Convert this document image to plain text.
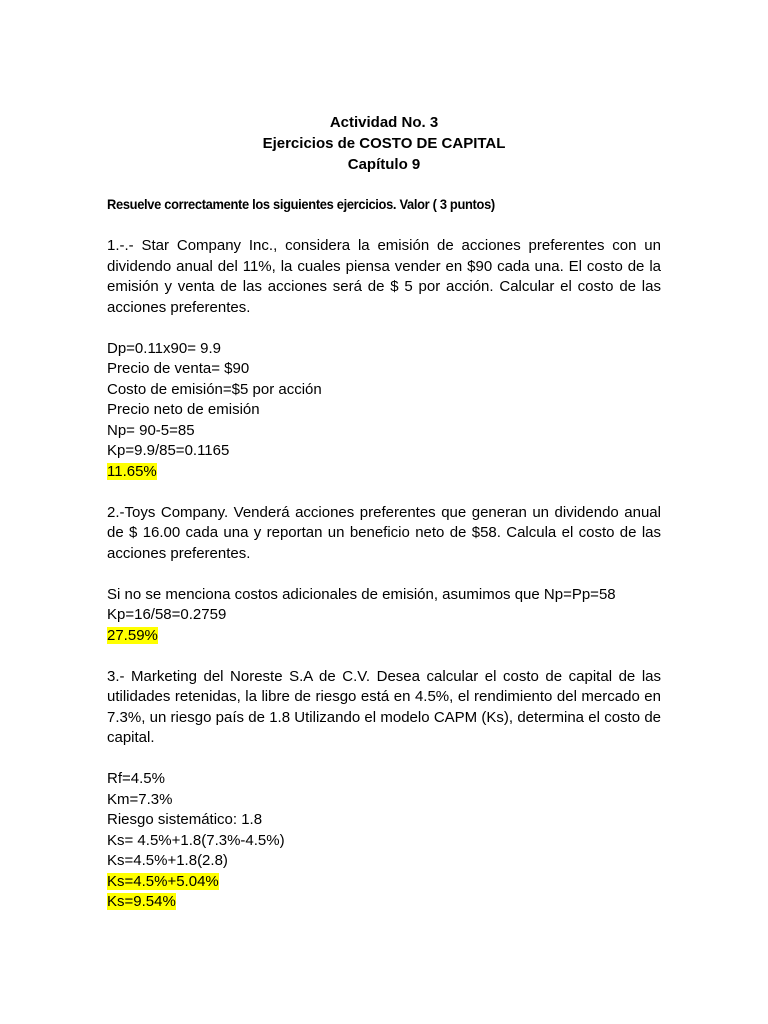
Actividad No. 3
Ejercicios de COSTO DE CAPITAL
Capítulo 9
Resuelve correctamente los siguientes ejercicios. Valor ( 3 puntos)

1.-.- Star Company Inc., considera la emisión de acciones preferentes con un dividendo anual del 11%, la cuales piensa vender en $90 cada una. El costo de la emisión y venta de las acciones será de $ 5 por acción. Calcular el costo de las acciones preferentes.

Dp=0.11x90= 9.9

Precio de venta= $90

Costo de emisión=$5 por acción

Precio neto de emisión

Np= 90-5=85

Kp=9.9/85=0.1165

11.65%

2.-Toys Company. Venderá acciones preferentes que generan un dividendo anual de $ 16.00 cada una y reportan un beneficio neto de $58. Calcula el costo de las acciones preferentes.

Si no se menciona costos adicionales de emisión, asumimos que Np=Pp=58

Kp=16/58=0.2759

27.59%

3.- Marketing del Noreste S.A de C.V. Desea calcular el costo de capital de las utilidades retenidas, la libre de riesgo está en 4.5%, el rendimiento del mercado en 7.3%, un riesgo país de 1.8 Utilizando el modelo CAPM (Ks), determina el costo de capital.

Rf=4.5%

Km=7.3%

Riesgo sistemático: 1.8

Ks= 4.5%+1.8(7.3%-4.5%)

Ks=4.5%+1.8(2.8)

Ks=4.5%+5.04%

Ks=9.54%
